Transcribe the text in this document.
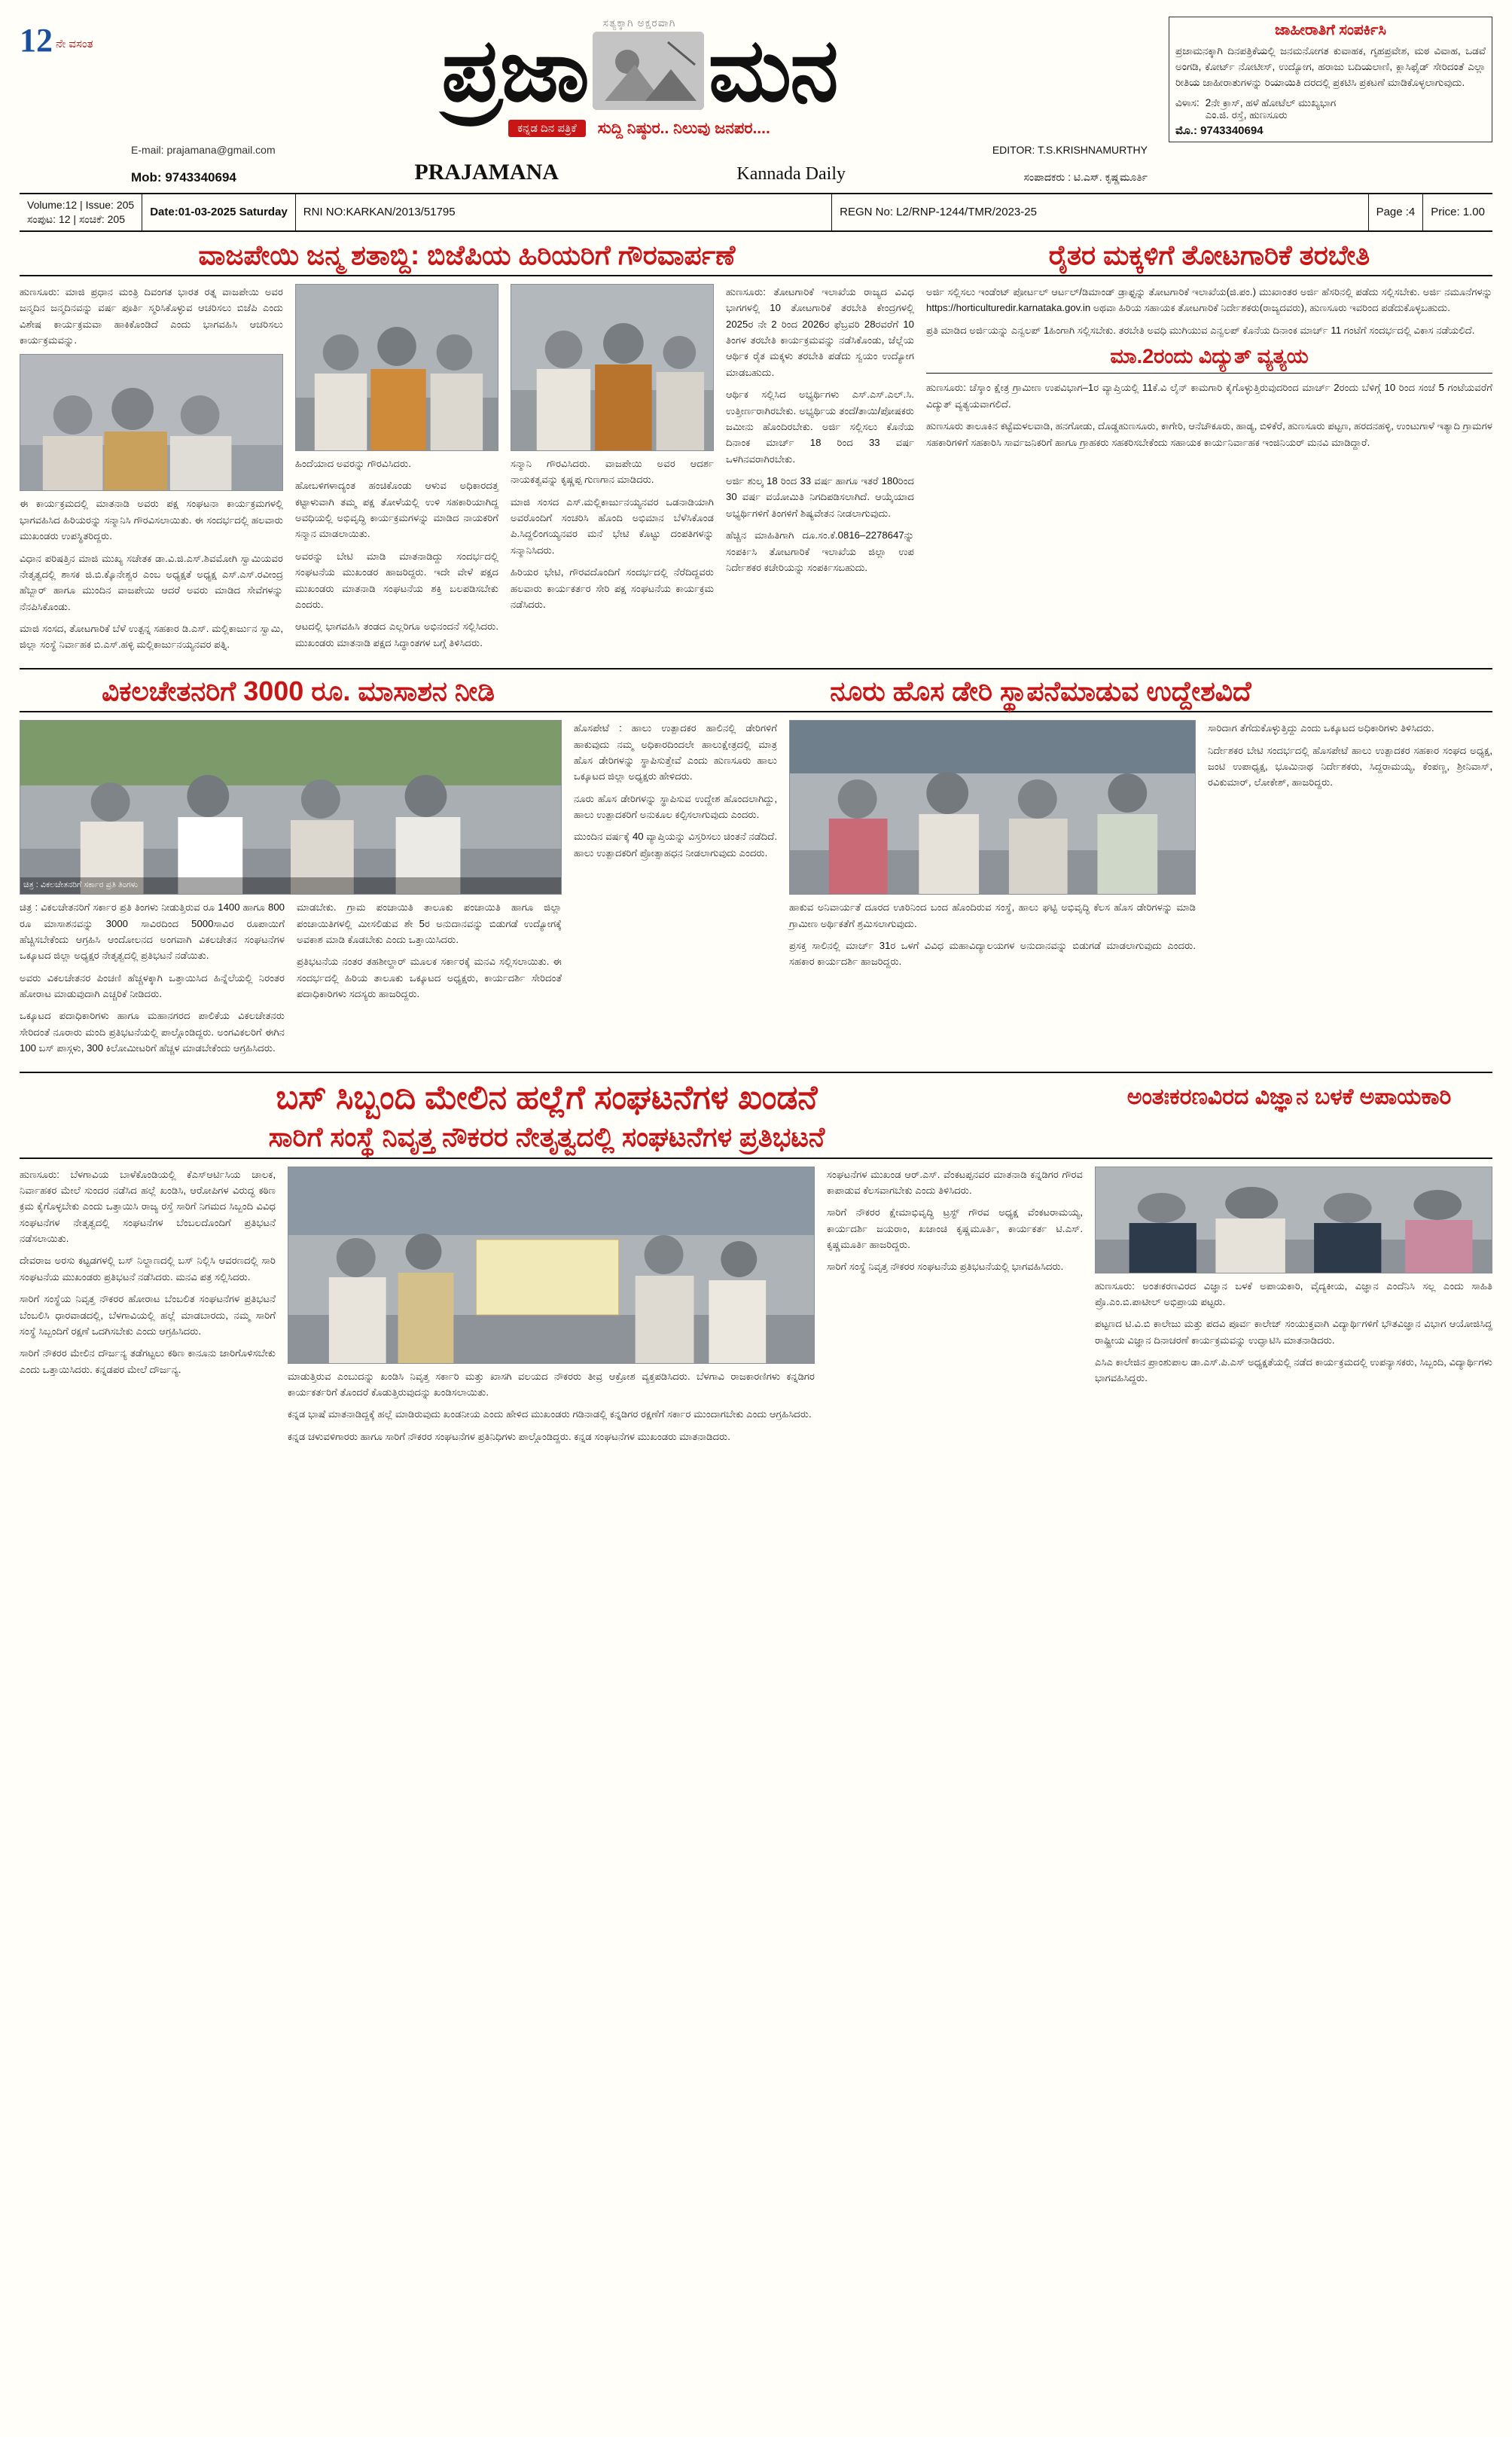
12 ನೇ ವಸಂತ
ಸತ್ಯಕ್ಕಾಗಿ ಅಕ್ಷರವಾಗಿ
ಪ್ರಜಾ ಮನ
ಕನ್ನಡ ದಿನ ಪತ್ರಿಕೆ	ಸುದ್ದಿ ನಿಷ್ಠುರ.. ನಿಲುವು ಜನಪರ....
E-mail: prajamana@gmail.com	EDITOR: T.S.KRISHNAMURTHY
Mob: 9743340694	PRAJAMANA	Kannada Daily	ಸಂಪಾದಕರು : ಟಿ.ಎಸ್. ಕೃಷ್ಣಮೂರ್ತಿ
ಜಾಹೀರಾತಿಗೆ ಸಂಪರ್ಕಿಸಿ
ಪ್ರಜಾಮನಕ್ಕಾಗಿ ದಿನಪತ್ರಿಕೆಯಲ್ಲಿ ಜನಮನೋಗತ ಕುವಾಹಕ, ಗೃಹಪ್ರವೇಶ, ಮಠ ವಿವಾಹ, ಒಡವೆ ಅಂಗಡಿ, ಕೋರ್ಟ್ ನೋಟೀಸ್, ಉದ್ಯೋಗ, ಹರಾಜು ಬದಿಯಲಾಣಿ, ಕ್ಲಾಸಿಫೈಡ್ ಸೇರಿದಂತೆ ಎಲ್ಲಾ ರೀತಿಯ ಜಾಹೀರಾತುಗಳನ್ನು ರಿಯಾಯಿತಿ ದರದಲ್ಲಿ ಪ್ರಕಟಿಸಿ ಪ್ರಕಟಣೆ ಮಾಡಿಕೊಳ್ಳಲಾಗುವುದು.
ವಿಳಾಸ: 2ನೇ ಕ್ರಾಸ್, ಹಳೆ ಹೋಟೆಲ್ ಮುಖ್ಯಭಾಗ
ಎಂ.ಜಿ. ರಸ್ತೆ, ಹುಣಸೂರು
ಮೊ.: 9743340694
Volume:12 | Issue: 205
ಸಂಪುಟ: 12 | ಸಂಚಿಕೆ: 205
Date:01-03-2025 Saturday	RNI NO:KARKAN/2013/51795	REGN No: L2/RNP-1244/TMR/2023-25	Page :4	Price: 1.00
ವಾಜಪೇಯಿ ಜನ್ಮ ಶತಾಬ್ದಿ: ಬಿಜೆಪಿಯ ಹಿರಿಯರಿಗೆ ಗೌರವಾರ್ಪಣೆ	ರೈತರ ಮಕ್ಕಳಿಗೆ ತೋಟಗಾರಿಕೆ ತರಬೇತಿ

ಹುಣಸೂರು: ಮಾಜಿ ಪ್ರಧಾನ ಮಂತ್ರಿ ದಿವಂಗತ ಭಾರತ ರತ್ನ ವಾಜಪೇಯಿ ಅವರ ಜನ್ಮದಿನ ಜನ್ಮದಿನವನ್ನು ವರ್ಷ ಪೂರ್ತಿ ಸ್ಮರಿಸಿಕೊಳ್ಳುವ ಆಚರಿಸಲು ಬಿಜೆಪಿ ಎಂದು ವಿಶೇಷ ಕಾರ್ಯಕ್ರಮವಾ ಹಾಕಿಕೊಂಡಿದೆ ಎಂದು ಭಾಗವಹಿಸಿ ಆಚರಿಸಲು ಕಾರ್ಯಕ್ರಮವನ್ನು.

ಈ ಕಾರ್ಯಕ್ರಮದಲ್ಲಿ ಮಾತನಾಡಿ ಅವರು ಪಕ್ಷ ಸಂಘಟನಾ ಕಾರ್ಯಕ್ರಮಗಳಲ್ಲಿ ಭಾಗವಹಿಸಿದ ಹಿರಿಯರನ್ನು ಸನ್ಮಾನಿಸಿ ಗೌರವಿಸಲಾಯಿತು. ಈ ಸಂದರ್ಭದಲ್ಲಿ ಹಲವಾರು ಮುಖಂಡರು ಉಪಸ್ಥಿತರಿದ್ದರು.

ವಿಧಾನ ಪರಿಷತ್ತಿನ ಮಾಜಿ ಮುಖ್ಯ ಸಚೇತಕ ಡಾ.ವಿ.ಜಿ.ಎಸ್.ಶಿವಮೋಗಿ ಸ್ವಾಮಿಯವರ ನೇತೃತ್ವದಲ್ಲಿ ಶಾಸಕ ಜಿ.ಬಿ.ಕ್ಕೊನೇಶ್ವರ ಎಂಬ ಅಧ್ಯಕ್ಷತೆ ಅಧ್ಯಕ್ಷ ಎಸ್.ಎಸ್.ರವೀಂದ್ರ ಹೆಬ್ಬಾರ್ ಹಾಗೂ ಮುಂದಿನ ವಾಜಪೇಯಿ ಆದರೆ ಅವರು ಮಾಡಿದ ಸೇವೆಗಳನ್ನು ನೆನಪಿಸಿಕೊಂಡು.

ಮಾಜಿ ಸಂಸದ, ತೋಟಗಾರಿಕೆ ಬೆಳೆ ಉತ್ಪನ್ನ ಸಹಕಾರ ಡಿ.ಎಸ್. ಮಲ್ಲಿಕಾರ್ಜುನ ಸ್ವಾಮಿ, ಜಿಲ್ಲಾ ಸಂಸ್ಥೆ ನಿರ್ವಾಹಕ ಬಿ.ಎಸ್.ಹಳ್ಳಿ ಮಲ್ಲಿಕಾರ್ಜುನಯ್ಯನವರ ಪತ್ನಿ.

ಹಿಂದೆಯಾದ ಅವರನ್ನು ಗೌರವಿಸಿದರು.

ಹೋಬಳಿಗಳಾದ್ಯಂತ ಹಂಚಿಕೊಂಡು ಆಳುವ ಅಧಿಕಾರದತ್ತ ಕಟ್ಟಾಳುವಾಗಿ ತಮ್ಮ ಪಕ್ಷ ತೋಳೆಯಲ್ಲಿ ಉಳಿ ಸಹಕಾರಿಯಾಗಿದ್ದ ಅವಧಿಯಲ್ಲಿ ಅಭಿವೃದ್ಧಿ ಕಾರ್ಯಕ್ರಮಗಳನ್ನು ಮಾಡಿದ ನಾಯಕರಿಗೆ ಸನ್ಮಾನ ಮಾಡಲಾಯಿತು.

ಅವರನ್ನು ಬೇಟಿ ಮಾಡಿ ಮಾತನಾಡಿದ್ದು ಸಂದರ್ಭದಲ್ಲಿ ಸಂಘಟನೆಯ ಮುಖಂಡರ ಹಾಜರಿದ್ದರು. ಇದೇ ವೇಳೆ ಪಕ್ಷದ ಮುಖಂಡರು ಮಾತನಾಡಿ ಸಂಘಟನೆಯ ಶಕ್ತಿ ಬಲಪಡಿಸಬೇಕು ಎಂದರು.

ಆಟದಲ್ಲಿ ಭಾಗವಹಿಸಿ ತಂಡದ ಎಲ್ಲರಿಗೂ ಅಭಿನಂದನೆ ಸಲ್ಲಿಸಿದರು. ಮುಖಂಡರು ಮಾತನಾಡಿ ಪಕ್ಷದ ಸಿದ್ಧಾಂತಗಳ ಬಗ್ಗೆ ತಿಳಿಸಿದರು.

ಸನ್ಮಾನಿ ಗೌರವಿಸಿದರು. ವಾಜಪೇಯಿ ಅವರ ಆದರ್ಶ ನಾಯಕತ್ವವನ್ನು ಕೃಷ್ಣಪ್ಪ ಗುಣಗಾನ ಮಾಡಿದರು.

ಮಾಜಿ ಸಂಸದ ಎಸ್.ಮಲ್ಲಿಕಾರ್ಜುನಯ್ಯನವರ ಒಡನಾಡಿಯಾಗಿ ಅವರೊಂದಿಗೆ ಸಂಚರಿಸಿ ಹೊಂದಿ ಅಭಿಮಾನ ಬೆಳೆಸಿಕೊಂಡ ಪಿ.ಸಿದ್ದಲಿಂಗಯ್ಯನವರ ಮನೆ ಭೇಟಿ ಕೊಟ್ಟು ದಂಪತಿಗಳನ್ನು ಸನ್ಮಾನಿಸಿದರು.

ಹಿರಿಯರ ಭೇಟಿ, ಗೌರವದೊಂದಿಗೆ ಸಂದರ್ಭದಲ್ಲಿ ನೆರೆದಿದ್ದವರು ಹಲವಾರು ಕಾರ್ಯಕರ್ತರ ಸೇರಿ ಪಕ್ಷ ಸಂಘಟನೆಯ ಕಾರ್ಯಕ್ರಮ ನಡೆಸಿದರು.

ಹುಣಸೂರು: ತೋಟಗಾರಿಕೆ ಇಲಾಖೆಯ ರಾಜ್ಯದ ವಿವಿಧ ಭಾಗಗಳಲ್ಲಿ 10 ತೋಟಗಾರಿಕೆ ತರಬೇತಿ ಕೇಂದ್ರಗಳಲ್ಲಿ 2025ರ ನೇ 2 ರಿಂದ 2026ರ ಫೆಬ್ರವರಿ 28ರವರೆಗೆ 10 ತಿಂಗಳ ತರಬೇತಿ ಕಾರ್ಯಕ್ರಮವನ್ನು ನಡೆಸಿಕೊಂಡು, ಜೆಲ್ಲೆಯ ಆರ್ಥಿಕ ರೈತ ಮಕ್ಕಳು ತರಬೇತಿ ಪಡೆದು ಸ್ವಯಂ ಉದ್ಯೋಗ ಮಾಡಬಹುದು.

ಆರ್ಥಿಕ ಸಲ್ಲಿಸಿದ ಅಭ್ಯರ್ಥಿಗಳು ಎಸ್.ಎಸ್.ಎಲ್.ಸಿ. ಉತ್ತೀರ್ಣರಾಗಿರಬೇಕು. ಅಭ್ಯರ್ಥಿಯ ತಂದೆ/ತಾಯಿ/ಪೋಷಕರು ಜಮೀನು ಹೊಂದಿರಬೇಕು. ಅರ್ಜಿ ಸಲ್ಲಿಸಲು ಕೊನೆಯ ದಿನಾಂಕ ಮಾರ್ಚ್ 18 ರಿಂದ 33 ವರ್ಷ ಒಳಗಿನವರಾಗಿರಬೇಕು.

ಅರ್ಜಿ ಶುಲ್ಕ 18 ರಿಂದ 33 ವರ್ಷ ಹಾಗೂ ಇತರೆ 180ರಿಂದ 30 ವರ್ಷ ವಯೋಮಿತಿ ನಿಗದಿಪಡಿಸಲಾಗಿದೆ. ಆಯ್ಕೆಯಾದ ಅಭ್ಯರ್ಥಿಗಳಿಗೆ ತಿಂಗಳಿಗೆ ಶಿಷ್ಯವೇತನ ನೀಡಲಾಗುವುದು.

ಹೆಚ್ಚಿನ ಮಾಹಿತಿಗಾಗಿ ದೂ.ಸಂ.ಕೆ.0816–2278647ನ್ನು ಸಂಪರ್ಕಿಸಿ ತೋಟಗಾರಿಕೆ ಇಲಾಖೆಯ ಜಿಲ್ಲಾ ಉಪ ನಿರ್ದೇಶಕರ ಕಚೇರಿಯನ್ನು ಸಂಪರ್ಕಿಸಬಹುದು.

ಅರ್ಜಿ ಸಲ್ಲಿಸಲು ಇಂಡೆಂಟ್ ಪೋರ್ಟಲ್ ಆರ್ಟಲ್/ಡಿಮಾಂಡ್ ಡ್ರಾಫ್ಟನ್ನು ತೋಟಗಾರಿಕೆ ಇಲಾಖೆಯ(ಜಿ.ಪಂ.) ಮುಖಾಂತರ ಅರ್ಜಿ ಹೆಸರಿನಲ್ಲಿ ಪಡೆದು ಸಲ್ಲಿಸಬೇಕು. ಅರ್ಜಿ ನಮೂನೆಗಳನ್ನು https://horticulturedir.karnataka.gov.in ಅಥವಾ ಹಿರಿಯ ಸಹಾಯಕ ತೋಟಗಾರಿಕೆ ನಿರ್ದೇಶಕರು(ರಾಜ್ಯದವರು), ಹುಣಸೂರು ಇವರಿಂದ ಪಡೆದುಕೊಳ್ಳಬಹುದು.

ಪ್ರತಿ ಮಾಡಿದ ಅರ್ಜಿಯನ್ನು ಎನ್ವಲಪ್ 1ಹಿಂಗಾಗಿ ಸಲ್ಲಿಸಬೇಕು. ತರಬೇತಿ ಅವಧಿ ಮುಗಿಯುವ ಎನ್ವಲಪ್ ಕೊನೆಯ ದಿನಾಂಕ ಮಾರ್ಚ್ 11 ಗಂಟೆಗೆ ಸಂದರ್ಭದಲ್ಲಿ ವಿಕಾಸ ನಡೆಯಲಿದೆ.

ಮಾ.2ರಂದು ವಿದ್ಯುತ್ ವ್ಯತ್ಯಯ

ಹುಣಸೂರು: ಚೆಸ್ಕಾಂ ಕ್ಷೇತ್ರ ಗ್ರಾಮೀಣ ಉಪವಿಭಾಗ–1ರ ವ್ಯಾಪ್ತಿಯಲ್ಲಿ 11ಕೆ.ವಿ ಲೈನ್ ಕಾಮಗಾರಿ ಕೈಗೊಳ್ಳುತ್ತಿರುವುದರಿಂದ ಮಾರ್ಚ್ 2ರಂದು ಬೆಳಿಗ್ಗೆ 10 ರಿಂದ ಸಂಜೆ 5 ಗಂಟೆಯವರೆಗೆ ವಿದ್ಯುತ್ ವ್ಯತ್ಯಯವಾಗಲಿದೆ.

ಹುಣಸೂರು ತಾಲೂಕಿನ ಕಟ್ಟೆಮಳಲವಾಡಿ, ಹನಗೋಡು, ದೊಡ್ಡಹುಣಸೂರು, ಕಾಗೇರಿ, ಆನೆಚೌಕೂರು, ಹಾಡ್ಯ, ಬಿಳಿಕೆರೆ, ಹುಣಸೂರು ಪಟ್ಟಣ, ಹರದನಹಳ್ಳಿ, ಉಂಟುಗಾಳೆ ಇತ್ಯಾದಿ ಗ್ರಾಮಗಳ ಸಹಕಾರಿಗಳಿಗೆ ಸಹಕಾರಿಸಿ ಸಾರ್ವಜನಿಕರಿಗೆ ಹಾಗೂ ಗ್ರಾಹಕರು ಸಹಕರಿಸಬೇಕೆಂದು ಸಹಾಯಕ ಕಾರ್ಯನಿರ್ವಾಹಕ ಇಂಜಿನಿಯರ್ ಮನವಿ ಮಾಡಿದ್ದಾರೆ.

ವಿಕಲಚೇತನರಿಗೆ 3000 ರೂ. ಮಾಸಾಶನ ನೀಡಿ	ನೂರು ಹೊಸ ಡೇರಿ ಸ್ಥಾಪನೆಮಾಡುವ ಉದ್ದೇಶವಿದೆ
ಚಿತ್ರ : ವಿಕಲಚೇತನರಿಗೆ ಸರ್ಕಾರ ಪ್ರತಿ ತಿಂಗಳು

ಚಿತ್ರ : ವಿಕಲಚೇತನರಿಗೆ ಸರ್ಕಾರ ಪ್ರತಿ ತಿಂಗಳು ನೀಡುತ್ತಿರುವ ರೂ 1400 ಹಾಗೂ 800 ರೂ ಮಾಸಾಶನವನ್ನು 3000 ಸಾವಿರದಿಂದ 5000ಸಾವಿರ ರೂಪಾಯಿಗೆ ಹೆಚ್ಚಿಸಬೇಕೆಂದು ಆಗ್ರಹಿಸಿ ಆಂದೋಲನದ ಅಂಗವಾಗಿ ವಿಕಲಚೇತನ ಸಂಘಟನೆಗಳ ಒಕ್ಕೂಟದ ಜಿಲ್ಲಾ ಅಧ್ಯಕ್ಷರ ನೇತೃತ್ವದಲ್ಲಿ ಪ್ರತಿಭಟನೆ ನಡೆಯಿತು.

ಅವರು ವಿಕಲಚೇತನರ ಪಿಂಚಣಿ ಹೆಚ್ಚಳಕ್ಕಾಗಿ ಒತ್ತಾಯಿಸಿದ ಹಿನ್ನೆಲೆಯಲ್ಲಿ ನಿರಂತರ ಹೋರಾಟ ಮಾಡುವುದಾಗಿ ಎಚ್ಚರಿಕೆ ನೀಡಿದರು.

ಒಕ್ಕೂಟದ ಪದಾಧಿಕಾರಿಗಳು ಹಾಗೂ ಮಹಾನಗರದ ಪಾಲಿಕೆಯ ವಿಕಲಚೇತನರು ಸೇರಿದಂತೆ ನೂರಾರು ಮಂದಿ ಪ್ರತಿಭಟನೆಯಲ್ಲಿ ಪಾಲ್ಗೊಂಡಿದ್ದರು. ಅಂಗವಿಕಲರಿಗೆ ಈಗಿನ 100 ಬಸ್ ಪಾಸ್ಗಳು, 300 ಕಿಲೋಮೀಟರಿಗೆ ಹೆಚ್ಚಳ ಮಾಡಬೇಕೆಂದು ಆಗ್ರಹಿಸಿದರು.

ಮಾಡಬೇಕು. ಗ್ರಾಮ ಪಂಚಾಯಿತಿ ತಾಲೂಕು ಪಂಚಾಯಿತಿ ಹಾಗೂ ಜಿಲ್ಲಾ ಪಂಚಾಯಿತಿಗಳಲ್ಲಿ ಮೀಸಲಿಡುವ ಶೇ 5ರ ಅನುದಾನವನ್ನು ಬಿಡುಗಡೆ ಉದ್ಯೋಗಕ್ಕೆ ಅವಕಾಶ ಮಾಡಿ ಕೊಡಬೇಕು ಎಂದು ಒತ್ತಾಯಿಸಿದರು.

ಪ್ರತಿಭಟನೆಯ ನಂತರ ತಹಶೀಲ್ದಾರ್ ಮೂಲಕ ಸರ್ಕಾರಕ್ಕೆ ಮನವಿ ಸಲ್ಲಿಸಲಾಯಿತು. ಈ ಸಂದರ್ಭದಲ್ಲಿ ಹಿರಿಯ ತಾಲೂಕು ಒಕ್ಕೂಟದ ಅಧ್ಯಕ್ಷರು, ಕಾರ್ಯದರ್ಶಿ ಸೇರಿದಂತೆ ಪದಾಧಿಕಾರಿಗಳು ಸದಸ್ಯರು ಹಾಜರಿದ್ದರು.

ಹೊಸಪೇಟೆ : ಹಾಲು ಉತ್ಪಾದಕರ ಹಾಲಿನಲ್ಲಿ ಡೇರಿಗಳಿಗೆ ಹಾಕುವುದು ನಮ್ಮ ಅಧಿಕಾರದಿಂದಲೇ ಹಾಲುಕ್ಷೇತ್ರದಲ್ಲಿ ಮಾತ್ರ ಹೊಸ ಡೇರಿಗಳನ್ನು ಸ್ಥಾಪಿಸುತ್ತೇವೆ ಎಂದು ಹುಣಸೂರು ಹಾಲು ಒಕ್ಕೂಟದ ಜಿಲ್ಲಾ ಅಧ್ಯಕ್ಷರು ಹೇಳಿದರು.

ನೂರು ಹೊಸ ಡೇರಿಗಳನ್ನು ಸ್ಥಾಪಿಸುವ ಉದ್ದೇಶ ಹೊಂದಲಾಗಿದ್ದು, ಹಾಲು ಉತ್ಪಾದಕರಿಗೆ ಅನುಕೂಲ ಕಲ್ಪಿಸಲಾಗುವುದು ಎಂದರು.

ಮುಂದಿನ ವರ್ಷಕ್ಕೆ 40 ವ್ಯಾಪ್ತಿಯನ್ನು ವಿಸ್ತರಿಸಲು ಚಿಂತನೆ ನಡೆದಿದೆ. ಹಾಲು ಉತ್ಪಾದಕರಿಗೆ ಪ್ರೋತ್ಸಾಹಧನ ನೀಡಲಾಗುವುದು ಎಂದರು.

ಹಾಕುವ ಅನಿವಾರ್ಯತೆ ದೂರದ ಊರಿನಿಂದ ಬಂದ ಹೊಂದಿರುವ ಸಂಸ್ಥೆ, ಹಾಲು ಘಟ್ಟಿ ಅಭಿವೃದ್ಧಿ ಕೆಲಸ ಹೊಸ ಡೇರಿಗಳನ್ನು ಮಾಡಿ ಗ್ರಾಮೀಣ ಅರ್ಥಿಕತೆಗೆ ಶ್ರಮಿಸಲಾಗುವುದು.

ಪ್ರಸಕ್ತ ಸಾಲಿನಲ್ಲಿ ಮಾರ್ಚ್ 31ರ ಒಳಗೆ ವಿವಿಧ ಮಹಾವಿದ್ಯಾಲಯಗಳ ಅನುದಾನವನ್ನು ಬಿಡುಗಡೆ ಮಾಡಲಾಗುವುದು ಎಂದರು. ಸಹಕಾರ ಕಾರ್ಯದರ್ಶಿ ಹಾಜರಿದ್ದರು.

ಸಾರಿದಾಗ ತೆಗೆದುಕೊಳ್ಳುತ್ತಿದ್ದು ಎಂದು ಒಕ್ಕೂಟದ ಅಧಿಕಾರಿಗಳು ತಿಳಿಸಿದರು.

ನಿರ್ದೇಶಕರ ಬೇಟಿ ಸಂದರ್ಭದಲ್ಲಿ ಹೊಸಪೇಟೆ ಹಾಲು ಉತ್ಪಾದಕರ ಸಹಕಾರ ಸಂಘದ ಅಧ್ಯಕ್ಷ, ಜಂಟಿ ಉಪಾಧ್ಯಕ್ಷ, ಭೂಮಿನಾಥ ನಿರ್ದೇಶಕರು, ಸಿದ್ದರಾಮಯ್ಯ, ಕೆಂಪಣ್ಣ, ಶ್ರೀನಿವಾಸ್, ರವಿಕುಮಾರ್, ಲೋಕೇಶ್, ಹಾಜರಿದ್ದರು.

ಬಸ್ ಸಿಬ್ಬಂದಿ ಮೇಲಿನ ಹಲ್ಲೆಗೆ ಸಂಘಟನೆಗಳ ಖಂಡನೆ
ಸಾರಿಗೆ ಸಂಸ್ಥೆ ನಿವೃತ್ತ ನೌಕರರ ನೇತೃತ್ವದಲ್ಲಿ ಸಂಘಟನೆಗಳ ಪ್ರತಿಭಟನೆ
ಅಂತಃಕರಣವಿರದ ವಿಜ್ಞಾನ ಬಳಕೆ ಅಪಾಯಕಾರಿ

ಹುಣಸೂರು: ಬೆಳಗಾವಿಯ ಬಾಳೆಕೊಂಡಿಯಲ್ಲಿ ಕೆಎಸ್ಆರ್ಟಿಸಿಯ ಚಾಲಕ, ನಿರ್ವಾಹಕರ ಮೇಲೆ ಸುಂದರ ನಡೆಸಿದ ಹಲ್ಲೆ ಖಂಡಿಸಿ, ಆರೋಪಿಗಳ ವಿರುದ್ಧ ಕಠಿಣ ಕ್ರಮ ಕೈಗೊಳ್ಳಬೇಕು ಎಂದು ಒತ್ತಾಯಿಸಿ ರಾಜ್ಯ ರಸ್ತೆ ಸಾರಿಗೆ ನಿಗಮದ ಸಿಬ್ಬಂದಿ ವಿವಿಧ ಸಂಘಟನೆಗಳ ನೇತೃತ್ವದಲ್ಲಿ ಸಂಘಟನೆಗಳ ಬೆಂಬಲದೊಂದಿಗೆ ಪ್ರತಿಭಟನೆ ನಡೆಸಲಾಯಿತು.

ದೇವರಾಜ ಅರಸು ಕಟ್ಟಡಗಳಲ್ಲಿ ಬಸ್ ನಿಲ್ದಾಣದಲ್ಲಿ ಬಸ್ ನಿಲ್ಲಿಸಿ ಆವರಣದಲ್ಲಿ ಸಾರಿ ಸಂಘಟನೆಯ ಮುಖಂಡರು ಪ್ರತಿಭಟನೆ ನಡೆಸಿದರು. ಮನವಿ ಪತ್ರ ಸಲ್ಲಿಸಿದರು.

ಸಾರಿಗೆ ಸಂಸ್ಥೆಯ ನಿವೃತ್ತ ನೌಕರರ ಹೋರಾಟ ಬೆಂಬಲಿತ ಸಂಘಟನೆಗಳ ಪ್ರತಿಭಟನೆ ಬೆಂಬಲಿಸಿ ಧಾರವಾಡದಲ್ಲಿ, ಬೆಳಗಾವಿಯಲ್ಲಿ ಹಲ್ಲೆ ಮಾಡಬಾರದು, ನಮ್ಮ ಸಾರಿಗೆ ಸಂಸ್ಥೆ ಸಿಬ್ಬಂದಿಗೆ ರಕ್ಷಣೆ ಒದಗಿಸಬೇಕು ಎಂದು ಆಗ್ರಹಿಸಿದರು.

ಸಾರಿಗೆ ನೌಕರರ ಮೇಲಿನ ದೌರ್ಜನ್ಯ ತಡೆಗಟ್ಟಲು ಕಠಿಣ ಕಾನೂನು ಜಾರಿಗೊಳಿಸಬೇಕು ಎಂದು ಒತ್ತಾಯಿಸಿದರು. ಕನ್ನಡಪರ ಮೇಲೆ ದೌರ್ಜನ್ಯ.

ಮಾಡುತ್ತಿರುವ ಎಂಬುದನ್ನು ಖಂಡಿಸಿ ನಿವೃತ್ತ ಸರ್ಕಾರಿ ಮತ್ತು ಖಾಸಗಿ ವಲಯದ ನೌಕರರು ತೀವ್ರ ಆಕ್ರೋಶ ವ್ಯಕ್ತಪಡಿಸಿದರು. ಬೆಳಗಾವಿ ರಾಜಕಾರಣಿಗಳು ಕನ್ನಡಿಗರ ಕಾರ್ಯಕರ್ತರಿಗೆ ತೊಂದರೆ ಕೊಡುತ್ತಿರುವುದನ್ನು ಖಂಡಿಸಲಾಯಿತು.

ಕನ್ನಡ ಭಾಷೆ ಮಾತನಾಡಿದ್ದಕ್ಕೆ ಹಲ್ಲೆ ಮಾಡಿರುವುದು ಖಂಡನೀಯ ಎಂದು ಹೇಳಿದ ಮುಖಂಡರು ಗಡಿನಾಡಲ್ಲಿ ಕನ್ನಡಿಗರ ರಕ್ಷಣೆಗೆ ಸರ್ಕಾರ ಮುಂದಾಗಬೇಕು ಎಂದು ಆಗ್ರಹಿಸಿದರು.

ಕನ್ನಡ ಚಳುವಳಿಗಾರರು ಹಾಗೂ ಸಾರಿಗೆ ನೌಕರರ ಸಂಘಟನೆಗಳ ಪ್ರತಿನಿಧಿಗಳು ಪಾಲ್ಗೊಂಡಿದ್ದರು. ಕನ್ನಡ ಸಂಘಟನೆಗಳ ಮುಖಂಡರು ಮಾತನಾಡಿದರು.

ಸಂಘಟನೆಗಳ ಮುಖಂಡ ಆರ್.ಎಸ್. ವೆಂಕಟಪ್ಪನವರ ಮಾತನಾಡಿ ಕನ್ನಡಿಗರ ಗೌರವ ಕಾಪಾಡುವ ಕೆಲಸವಾಗಬೇಕು ಎಂದು ತಿಳಿಸಿದರು.

ಸಾರಿಗೆ ನೌಕರರ ಕ್ಷೇಮಾಭಿವೃದ್ಧಿ ಟ್ರಸ್ಟ್ ಗೌರವ ಅಧ್ಯಕ್ಷ ವೆಂಕಟರಾಮಯ್ಯ, ಕಾರ್ಯದರ್ಶಿ ಜಯರಾಂ, ಖಜಾಂಚಿ ಕೃಷ್ಣಮೂರ್ತಿ, ಕಾರ್ಯಕರ್ತ ಟಿ.ಎಸ್. ಕೃಷ್ಣಮೂರ್ತಿ ಹಾಜರಿದ್ದರು.

ಸಾರಿಗೆ ಸಂಸ್ಥೆ ನಿವೃತ್ತ ನೌಕರರ ಸಂಘಟನೆಯ ಪ್ರತಿಭಟನೆಯಲ್ಲಿ ಭಾಗವಹಿಸಿದರು.

ಹುಣಸೂರು: ಅಂತಃಕರಣವಿರದ ವಿಜ್ಞಾನ ಬಳಕೆ ಅಪಾಯಕಾರಿ, ವೈದ್ಯಕೀಯ, ವಿಜ್ಞಾನ ಎಂದೆನಿಸಿ ಸಲ್ಲ ಎಂದು ಸಾಹಿತಿ ಪ್ರೊ.ಎಂ.ಬಿ.ಪಾಟೀಲ್ ಅಭಿಪ್ರಾಯ ಪಟ್ಟರು.

ಪಟ್ಟಣದ ಟಿ.ವಿ.ಬಿ ಕಾಲೇಜು ಮತ್ತು ಪದವಿ ಪೂರ್ವ ಕಾಲೇಜ್ ಸಂಯುಕ್ತವಾಗಿ ವಿದ್ಯಾರ್ಥಿಗಳಿಗೆ ಭೌತವಿಜ್ಞಾನ ವಿಭಾಗ ಆಯೋಜಿಸಿದ್ದ ರಾಷ್ಟ್ರೀಯ ವಿಜ್ಞಾನ ದಿನಾಚರಣೆ ಕಾರ್ಯಕ್ರಮವನ್ನು ಉದ್ಘಾಟಿಸಿ ಮಾತನಾಡಿದರು.

ಎಸಿಎ ಕಾಲೇಜಿನ ಪ್ರಾಂಶುಪಾಲ ಡಾ.ಎಸ್.ಪಿ.ಎಸ್ ಅಧ್ಯಕ್ಷತೆಯಲ್ಲಿ ನಡೆದ ಕಾರ್ಯಕ್ರಮದಲ್ಲಿ ಉಪನ್ಯಾಸಕರು, ಸಿಬ್ಬಂದಿ, ವಿದ್ಯಾರ್ಥಿಗಳು ಭಾಗವಹಿಸಿದ್ದರು.
